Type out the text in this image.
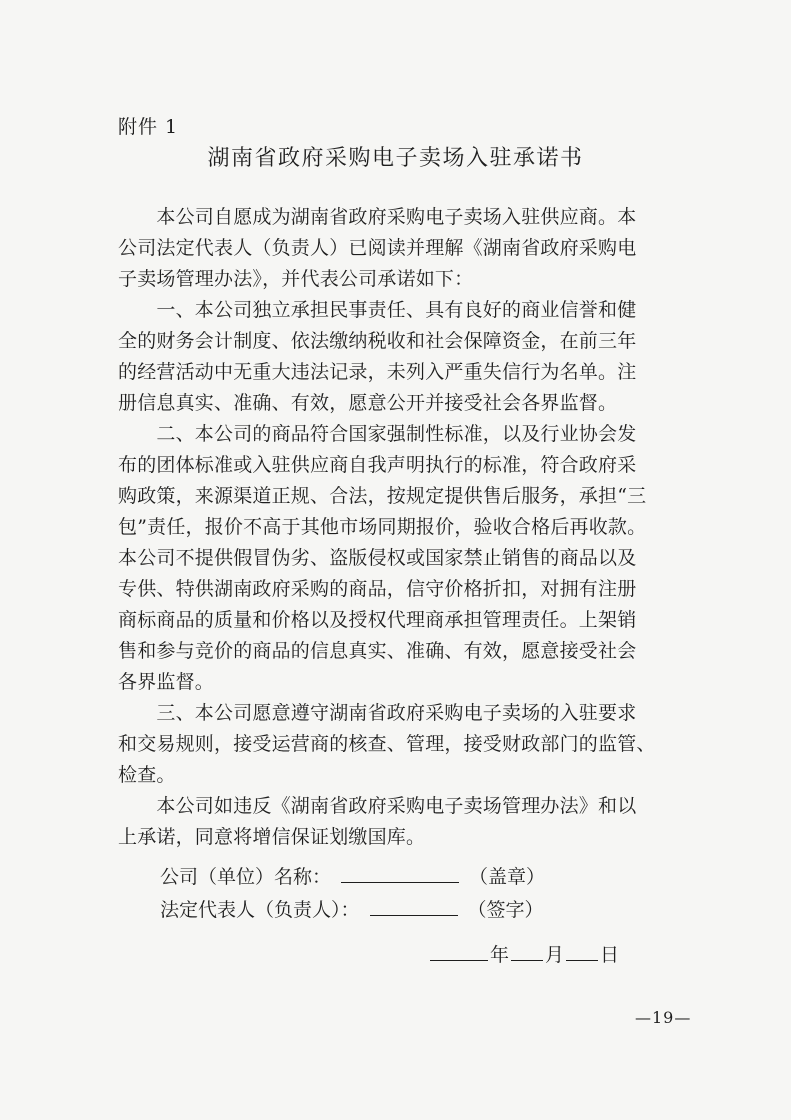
附件 1
湖南省政府采购电子卖场入驻承诺书

　　本公司自愿成为湖南省政府采购电子卖场入驻供应商。本

公司法定代表人（负责人）已阅读并理解《湖南省政府采购电

子卖场管理办法》，并代表公司承诺如下：

　　一、本公司独立承担民事责任、具有良好的商业信誉和健

全的财务会计制度、依法缴纳税收和社会保障资金，在前三年

的经营活动中无重大违法记录，未列入严重失信行为名单。注

册信息真实、准确、有效，愿意公开并接受社会各界监督。

　　二、本公司的商品符合国家强制性标准，以及行业协会发

布的团体标准或入驻供应商自我声明执行的标准，符合政府采

购政策，来源渠道正规、合法，按规定提供售后服务，承担“三

包”责任，报价不高于其他市场同期报价，验收合格后再收款。

本公司不提供假冒伪劣、盗版侵权或国家禁止销售的商品以及

专供、特供湖南政府采购的商品，信守价格折扣，对拥有注册

商标商品的质量和价格以及授权代理商承担管理责任。上架销

售和参与竞价的商品的信息真实、准确、有效，愿意接受社会

各界监督。

　　三、本公司愿意遵守湖南省政府采购电子卖场的入驻要求

和交易规则，接受运营商的核查、管理，接受财政部门的监管、

检查。

　　本公司如违反《湖南省政府采购电子卖场管理办法》和以

上承诺，同意将增信保证划缴国库。

公司（单位）名称：	（盖章）

法定代表人（负责人）：	（签字）

年 月 日
—19—
